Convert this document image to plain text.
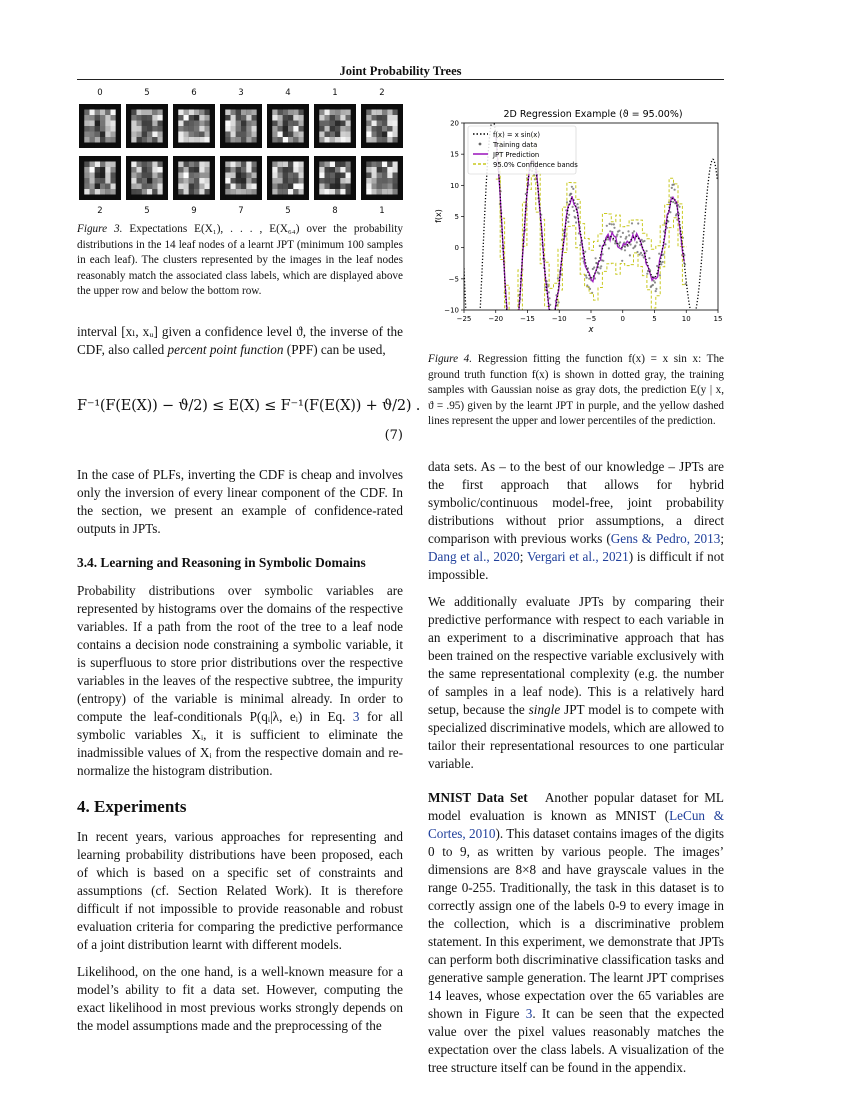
Joint Probability Trees
0	5	6	3	4	1	2
2	5	9	7	5	8	1
Figure 3. Expectations E(X₁), . . . , E(X₆₄) over the probability distributions in the 14 leaf nodes of a learnt JPT (minimum 100 samples in each leaf). The clusters represented by the images in the leaf nodes reasonably match the associated class labels, which are displayed above the upper row and below the bottom row.

interval [xₗ, xᵤ] given a confidence level ϑ, the inverse of the CDF, also called percent point function (PPF) can be used,

F⁻¹(F(E(X)) − ϑ/2) ≤ E(X) ≤ F⁻¹(F(E(X)) + ϑ/2) .
(7)

In the case of PLFs, inverting the CDF is cheap and involves only the inversion of every linear component of the CDF. In the section, we present an example of confidence-rated outputs in JPTs.

3.4. Learning and Reasoning in Symbolic Domains

Probability distributions over symbolic variables are represented by histograms over the domains of the respective variables. If a path from the root of the tree to a leaf node contains a decision node constraining a symbolic variable, it is superfluous to store prior distributions over the respective variables in the leaves of the respective subtree, the impurity (entropy) of the variable is minimal already. In order to compute the leaf-conditionals P(qᵢ|λ, eᵢ) in Eq. 3 for all symbolic variables Xᵢ, it is sufficient to eliminate the inadmissible values of Xᵢ from the respective domain and re-normalize the histogram distribution.

4. Experiments

In recent years, various approaches for representing and learning probability distributions have been proposed, each of which is based on a specific set of constraints and assumptions (cf. Section Related Work). It is therefore difficult if not impossible to provide reasonable and robust evaluation criteria for comparing the predictive performance of a joint distribution learnt with different models.

Likelihood, on the one hand, is a well-known measure for a model’s ability to fit a data set. However, computing the exact likelihood in most previous works strongly depends on the model assumptions made and the preprocessing of the

2D Regression Example (ϑ = 95.00%)
−25 −20 −15 −10	−5	0	5	10	15
20
15
10
5
0
−5
−10
x
f(x)
f(x) = x sin(x)
Training data
JPT Prediction
95.0% Confidence bands
Figure 4. Regression fitting the function f(x) = x sin x: The ground truth function f(x) is shown in dotted gray, the training samples with Gaussian noise as gray dots, the prediction E(y | x, ϑ = .95) given by the learnt JPT in purple, and the yellow dashed lines represent the upper and lower percentiles of the prediction.

data sets. As – to the best of our knowledge – JPTs are the first approach that allows for hybrid symbolic/continuous model-free, joint probability distributions without prior assumptions, a direct comparison with previous works (Gens & Pedro, 2013; Dang et al., 2020; Vergari et al., 2021) is difficult if not impossible.

We additionally evaluate JPTs by comparing their predictive performance with respect to each variable in an experiment to a discriminative approach that has been trained on the respective variable exclusively with the same representational complexity (e.g. the number of samples in a leaf node). This is a relatively hard setup, because the single JPT model is to compete with specialized discriminative models, which are allowed to tailor their representational resources to one particular variable.

MNIST Data Set Another popular dataset for ML model evaluation is known as MNIST (LeCun & Cortes, 2010). This dataset contains images of the digits 0 to 9, as written by various people. The images’ dimensions are 8×8 and have grayscale values in the range 0-255. Traditionally, the task in this dataset is to correctly assign one of the labels 0-9 to every image in the collection, which is a discriminative problem statement. In this experiment, we demonstrate that JPTs can perform both discriminative classification tasks and generative sample generation. The learnt JPT comprises 14 leaves, whose expectation over the 65 variables are shown in Figure 3. It can be seen that the expected value over the pixel values reasonably matches the expectation over the class labels. A visualization of the tree structure itself can be found in the appendix.
